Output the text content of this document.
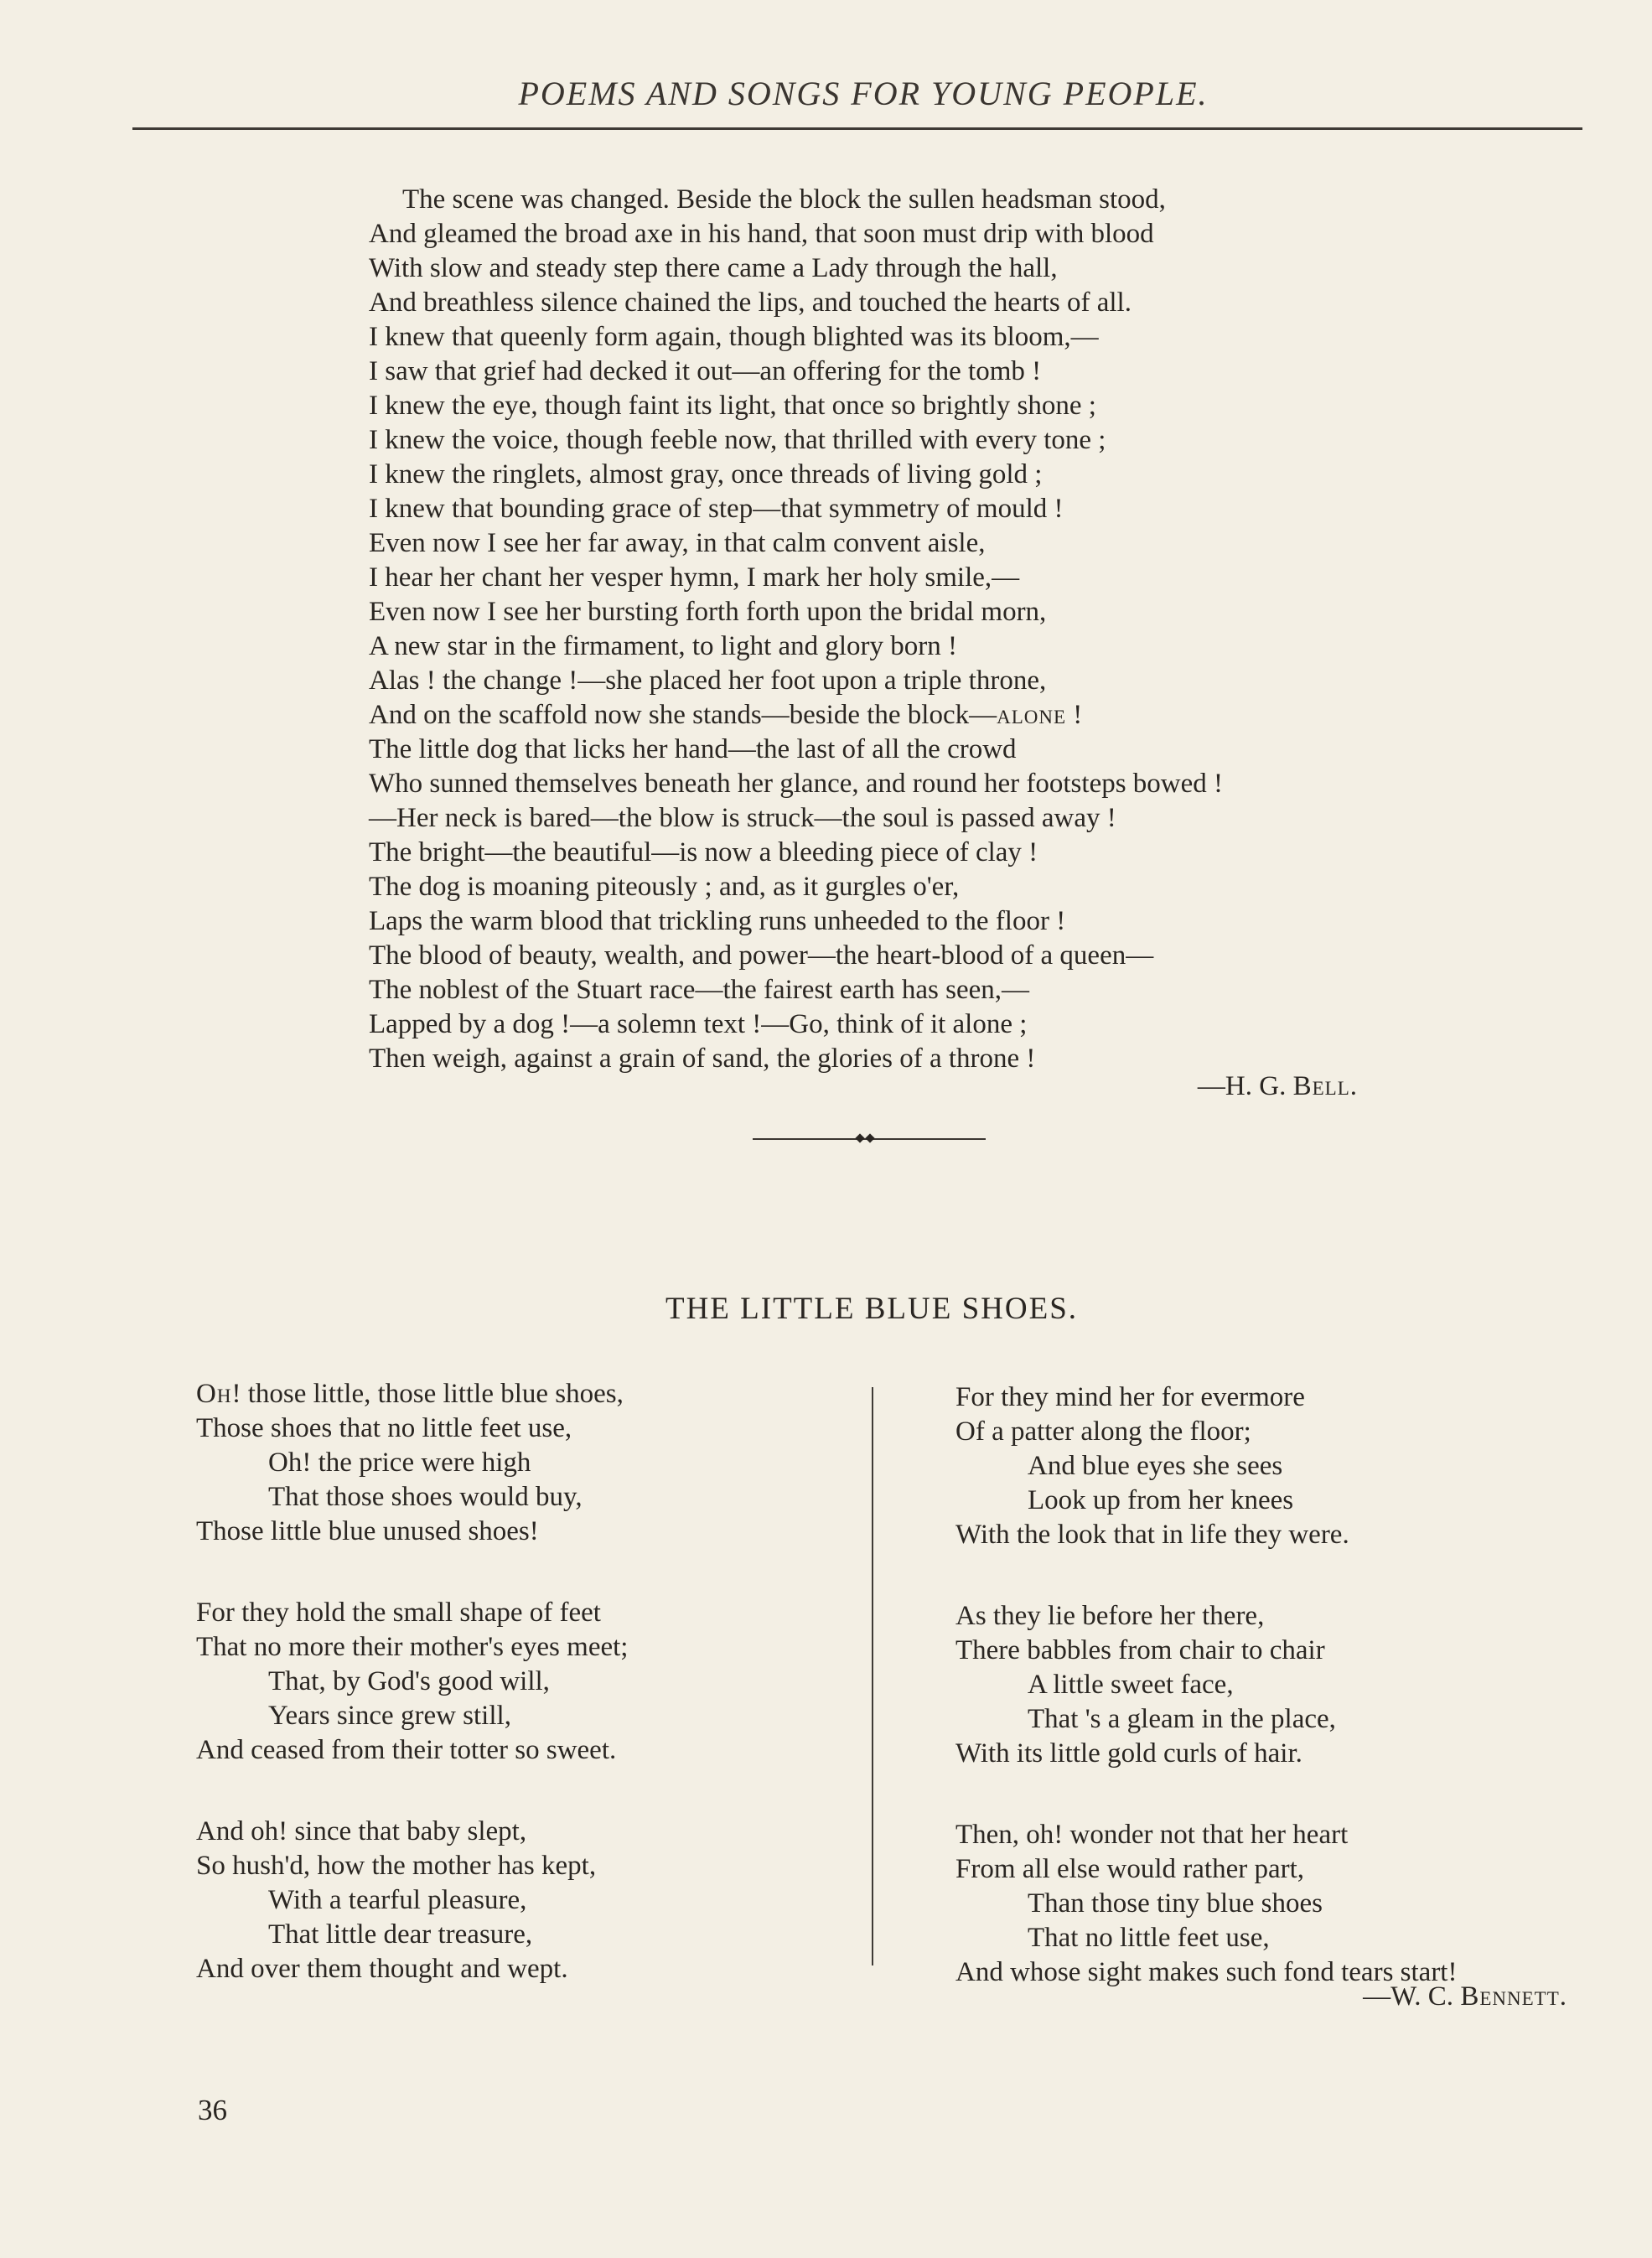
POEMS AND SONGS FOR YOUNG PEOPLE.
The scene was changed. Beside the block the sullen headsman stood,
And gleamed the broad axe in his hand, that soon must drip with blood
With slow and steady step there came a Lady through the hall,
And breathless silence chained the lips, and touched the hearts of all.
I knew that queenly form again, though blighted was its bloom,—
I saw that grief had decked it out—an offering for the tomb !
I knew the eye, though faint its light, that once so brightly shone ;
I knew the voice, though feeble now, that thrilled with every tone ;
I knew the ringlets, almost gray, once threads of living gold ;
I knew that bounding grace of step—that symmetry of mould !
Even now I see her far away, in that calm convent aisle,
I hear her chant her vesper hymn, I mark her holy smile,—
Even now I see her bursting forth forth upon the bridal morn,
A new star in the firmament, to light and glory born !
Alas ! the change !—she placed her foot upon a triple throne,
And on the scaffold now she stands—beside the block—alone !
The little dog that licks her hand—the last of all the crowd
Who sunned themselves beneath her glance, and round her footsteps bowed !
—Her neck is bared—the blow is struck—the soul is passed away !
The bright—the beautiful—is now a bleeding piece of clay !
The dog is moaning piteously ; and, as it gurgles o'er,
Laps the warm blood that trickling runs unheeded to the floor !
The blood of beauty, wealth, and power—the heart-blood of a queen—
The noblest of the Stuart race—the fairest earth has seen,—
Lapped by a dog !—a solemn text !—Go, think of it alone ;
Then weigh, against a grain of sand, the glories of a throne !
—H. G. Bell.
THE LITTLE BLUE SHOES.
Oh! those little, those little blue shoes,
Those shoes that no little feet use,
Oh! the price were high
That those shoes would buy,
Those little blue unused shoes!
For they hold the small shape of feet
That no more their mother's eyes meet;
That, by God's good will,
Years since grew still,
And ceased from their totter so sweet.
And oh! since that baby slept,
So hush'd, how the mother has kept,
With a tearful pleasure,
That little dear treasure,
And over them thought and wept.
For they mind her for evermore
Of a patter along the floor;
And blue eyes she sees
Look up from her knees
With the look that in life they were.
As they lie before her there,
There babbles from chair to chair
A little sweet face,
That 's a gleam in the place,
With its little gold curls of hair.
Then, oh! wonder not that her heart
From all else would rather part,
Than those tiny blue shoes
That no little feet use,
And whose sight makes such fond tears start!
—W. C. Bennett.
36
